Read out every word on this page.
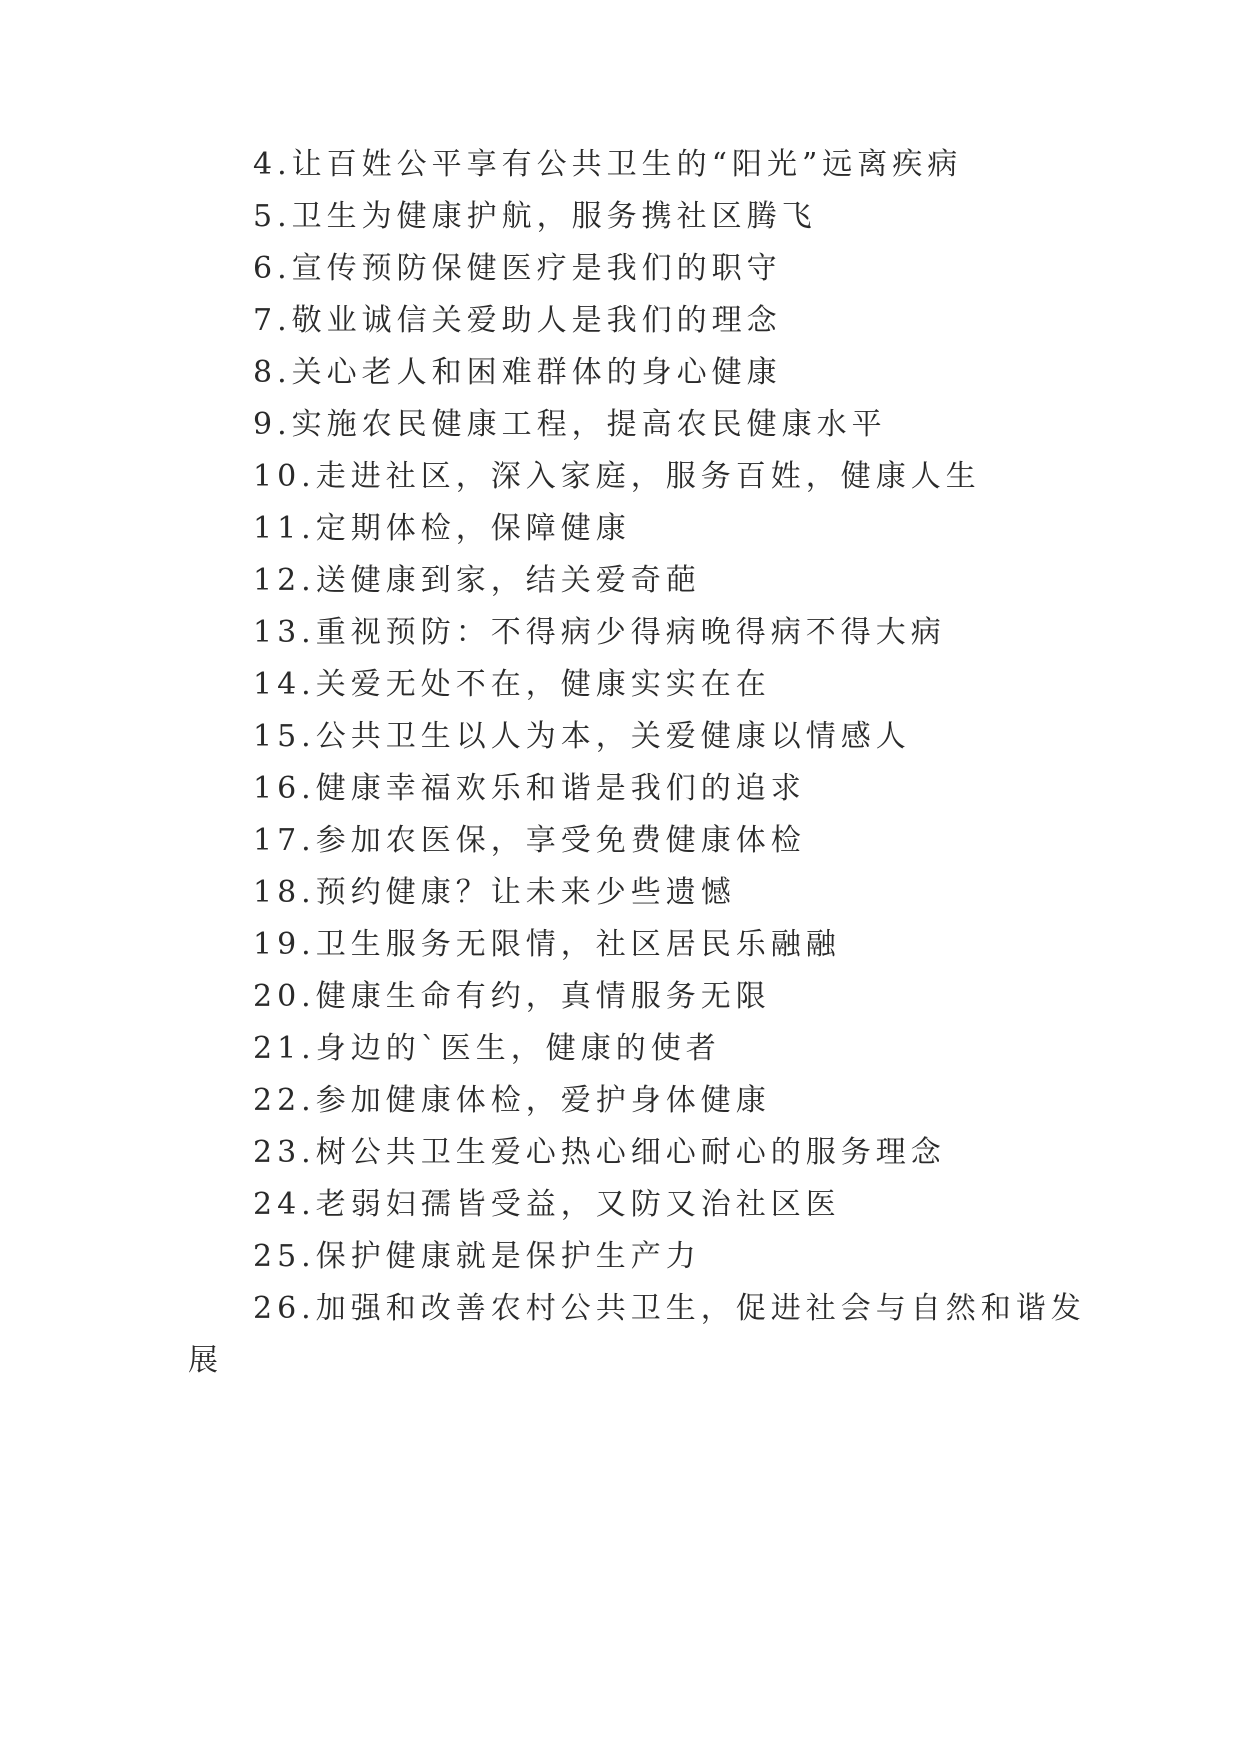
4.让百姓公平享有公共卫生的“阳光”远离疾病
5.卫生为健康护航，服务携社区腾飞
6.宣传预防保健医疗是我们的职守
7.敬业诚信关爱助人是我们的理念
8.关心老人和困难群体的身心健康
9.实施农民健康工程，提高农民健康水平
10.走进社区，深入家庭，服务百姓，健康人生
11.定期体检，保障健康
12.送健康到家，结关爱奇葩
13.重视预防：不得病少得病晚得病不得大病
14.关爱无处不在，健康实实在在
15.公共卫生以人为本，关爱健康以情感人
16.健康幸福欢乐和谐是我们的追求
17.参加农医保，享受免费健康体检
18.预约健康？让未来少些遗憾
19.卫生服务无限情，社区居民乐融融
20.健康生命有约，真情服务无限
21.身边的`医生，健康的使者
22.参加健康体检，爱护身体健康
23.树公共卫生爱心热心细心耐心的服务理念
24.老弱妇孺皆受益，又防又治社区医
25.保护健康就是保护生产力
26.加强和改善农村公共卫生，促进社会与自然和谐发
展
